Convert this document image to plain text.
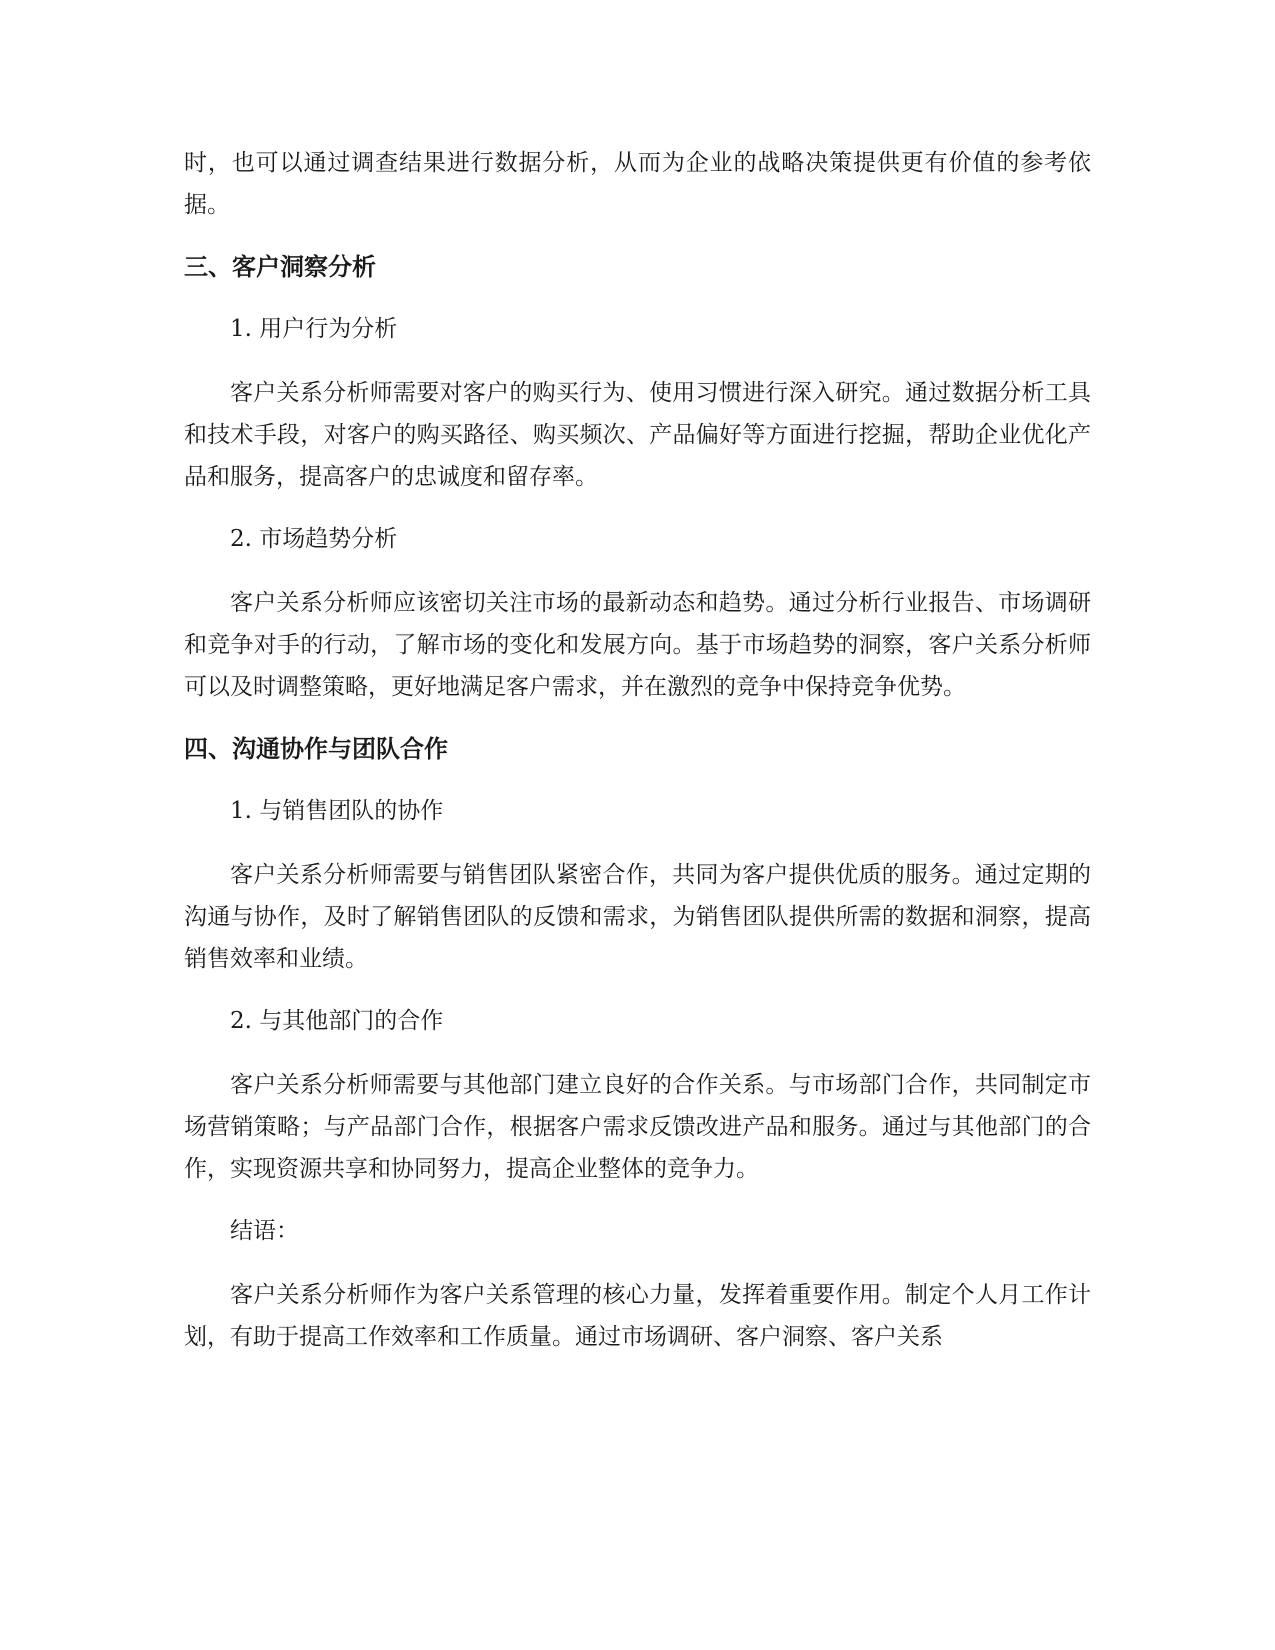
时，也可以通过调查结果进行数据分析，从而为企业的战略决策提供更有价值的参考依据。

三、客户洞察分析

1. 用户行为分析

客户关系分析师需要对客户的购买行为、使用习惯进行深入研究。通过数据分析工具和技术手段，对客户的购买路径、购买频次、产品偏好等方面进行挖掘，帮助企业优化产品和服务，提高客户的忠诚度和留存率。

2. 市场趋势分析

客户关系分析师应该密切关注市场的最新动态和趋势。通过分析行业报告、市场调研和竞争对手的行动，了解市场的变化和发展方向。基于市场趋势的洞察，客户关系分析师可以及时调整策略，更好地满足客户需求，并在激烈的竞争中保持竞争优势。

四、沟通协作与团队合作

1. 与销售团队的协作

客户关系分析师需要与销售团队紧密合作，共同为客户提供优质的服务。通过定期的沟通与协作，及时了解销售团队的反馈和需求，为销售团队提供所需的数据和洞察，提高销售效率和业绩。

2. 与其他部门的合作

客户关系分析师需要与其他部门建立良好的合作关系。与市场部门合作，共同制定市场营销策略；与产品部门合作，根据客户需求反馈改进产品和服务。通过与其他部门的合作，实现资源共享和协同努力，提高企业整体的竞争力。

结语：

客户关系分析师作为客户关系管理的核心力量，发挥着重要作用。制定个人月工作计划，有助于提高工作效率和工作质量。通过市场调研、客户洞察、客户关系
